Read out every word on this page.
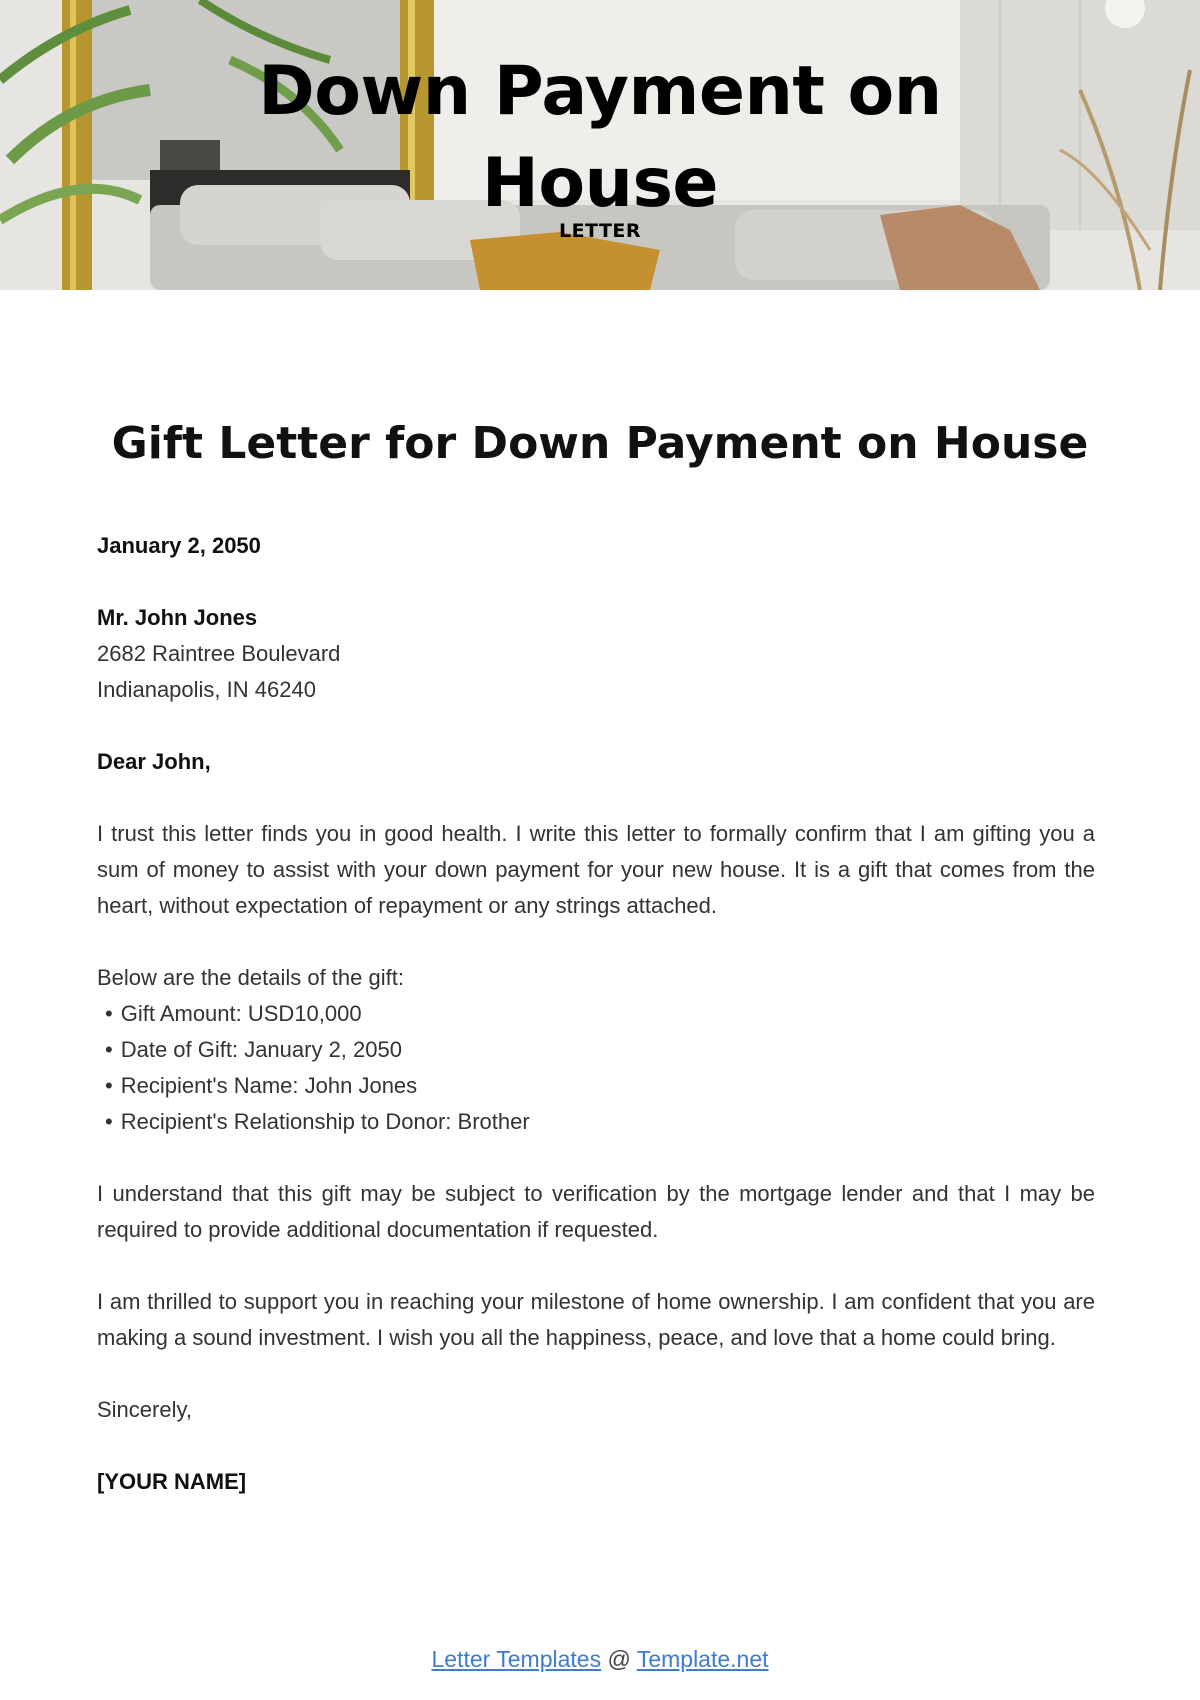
Down Payment on
House
LETTER
Gift Letter for Down Payment on House

January 2, 2050

Mr. John Jones

2682 Raintree Boulevard

Indianapolis, IN 46240

Dear John,

I trust this letter finds you in good health. I write this letter to formally confirm that I am gifting you a sum of money to assist with your down payment for your new house. It is a gift that comes from the heart, without expectation of repayment or any strings attached.

Below are the details of the gift:

• Gift Amount: USD10,000
• Date of Gift: January 2, 2050
• Recipient's Name: John Jones
• Recipient's Relationship to Donor: Brother

I understand that this gift may be subject to verification by the mortgage lender and that I may be required to provide additional documentation if requested.

I am thrilled to support you in reaching your milestone of home ownership. I am confident that you are making a sound investment. I wish you all the happiness, peace, and love that a home could bring.

Sincerely,

[YOUR NAME]

Letter Templates @ Template.net
